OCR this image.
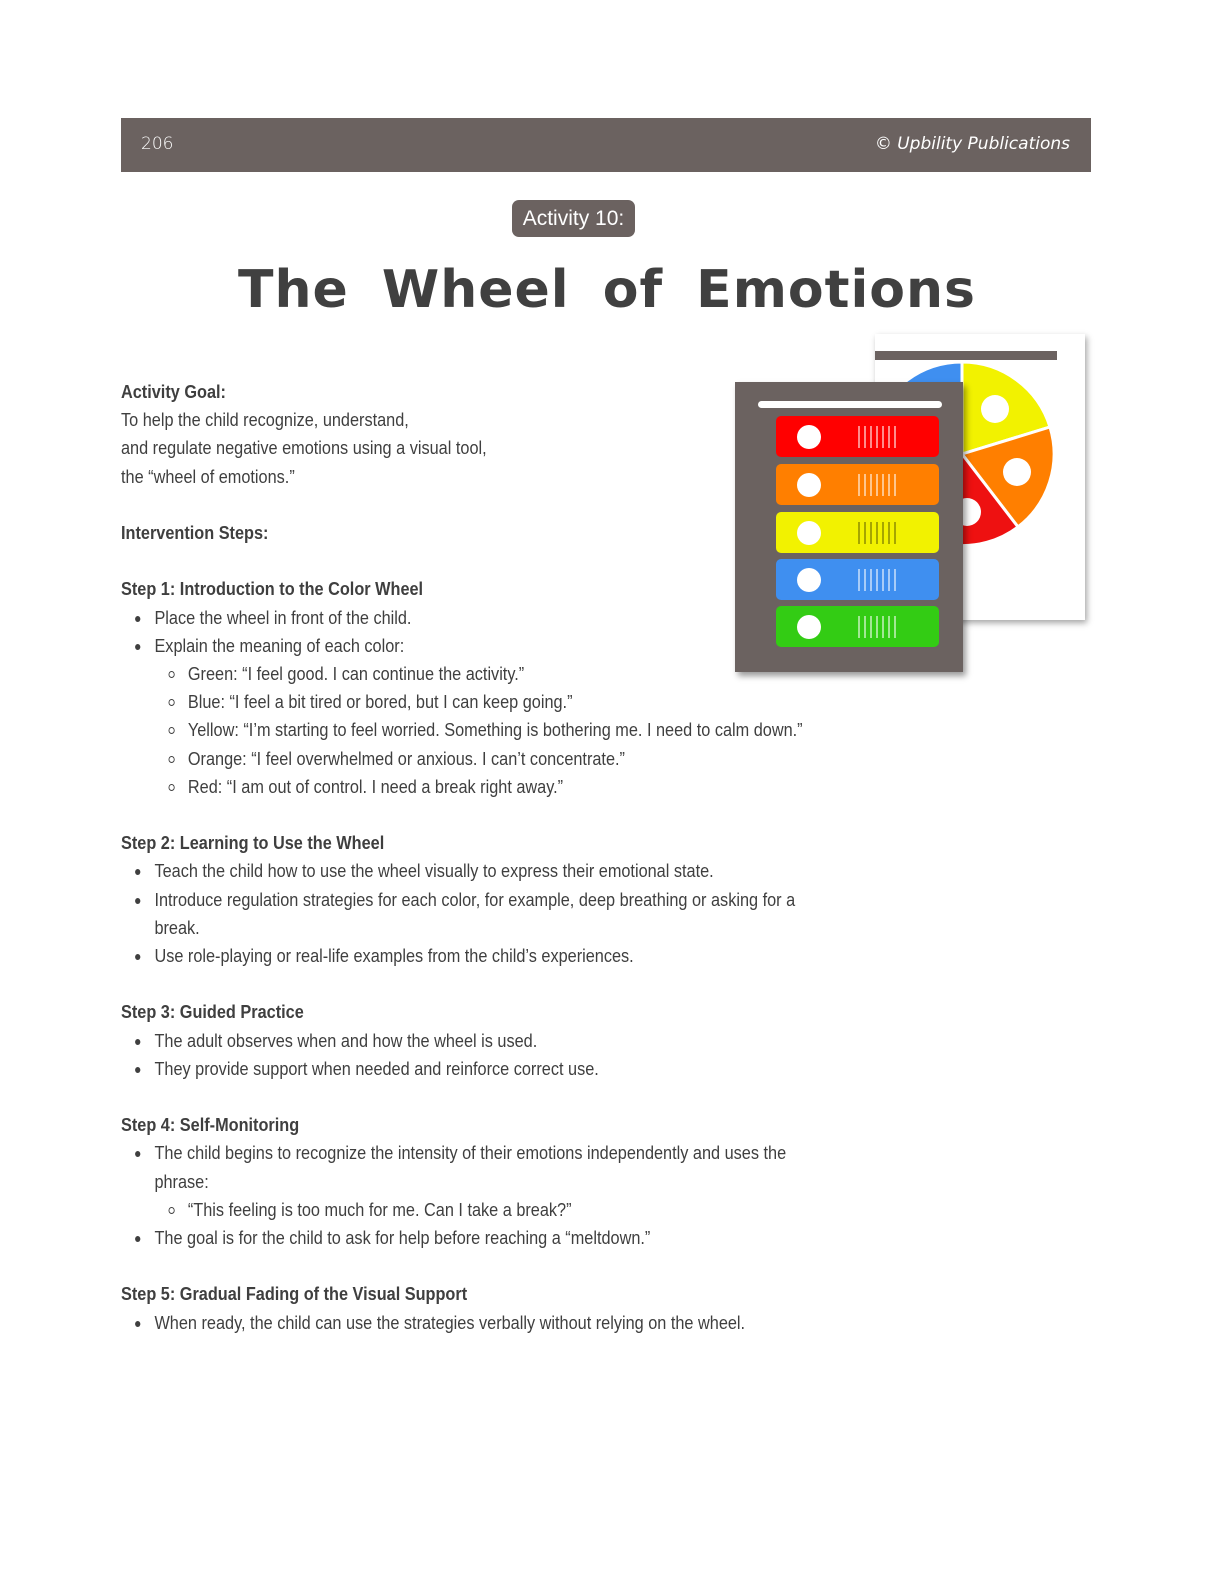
206	© Upbility Publications
Activity 10:
The Wheel of Emotions

Activity Goal:

To help the child recognize, understand,

and regulate negative emotions using a visual tool,

the “wheel of emotions.”

Intervention Steps:

Step 1: Introduction to the Color Wheel

Place the wheel in front of the child.
Explain the meaning of each color:
Green: “I feel good. I can continue the activity.”
Blue: “I feel a bit tired or bored, but I can keep going.”
Yellow: “I’m starting to feel worried. Something is bothering me. I need to calm down.”
Orange: “I feel overwhelmed or anxious. I can’t concentrate.”
Red: “I am out of control. I need a break right away.”

Step 2: Learning to Use the Wheel

Teach the child how to use the wheel visually to express their emotional state.
Introduce regulation strategies for each color, for example, deep breathing or asking for a break.
Use role-playing or real-life examples from the child’s experiences.

Step 3: Guided Practice

The adult observes when and how the wheel is used.
They provide support when needed and reinforce correct use.

Step 4: Self-Monitoring

The child begins to recognize the intensity of their emotions independently and uses the phrase:
“This feeling is too much for me. Can I take a break?”
The goal is for the child to ask for help before reaching a “meltdown.”

Step 5: Gradual Fading of the Visual Support

When ready, the child can use the strategies verbally without relying on the wheel.
